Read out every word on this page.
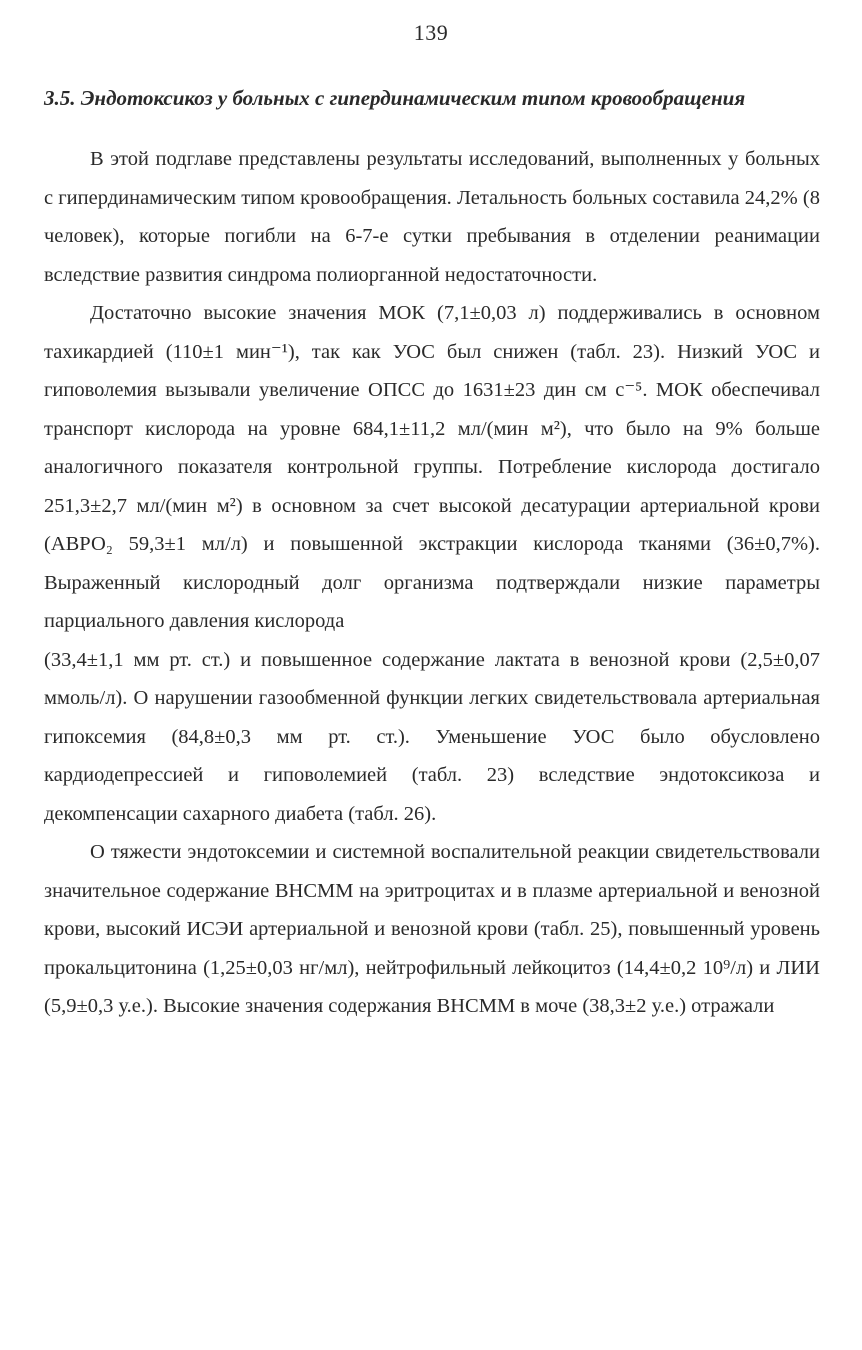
139
3.5. Эндотоксикоз у больных с гипердинамическим типом кровообращения

В этой подглаве представлены результаты исследований, выполненных у больных с гипердинамическим типом кровообращения. Летальность больных составила 24,2% (8 человек), которые погибли на 6-7-е сутки пребывания в отделении реанимации вследствие развития синдрома полиорганной недостаточности.

Достаточно высокие значения МОК (7,1±0,03 л) поддерживались в основном тахикардией (110±1 мин⁻¹), так как УОС был снижен (табл. 23). Низкий УОС и гиповолемия вызывали увеличение ОПСС до 1631±23 дин см с⁻⁵. МОК обеспечивал транспорт кислорода на уровне 684,1±11,2 мл/(мин м²), что было на 9% больше аналогичного показателя контрольной группы. Потребление кислорода достигало 251,3±2,7 мл/(мин м²) в основном за счет высокой десатурации артериальной крови (АВРО₂ 59,3±1 мл/л) и повышенной экстракции кислорода тканями (36±0,7%). Выраженный кислородный долг организма подтверждали низкие параметры парциального давления кислорода

(33,4±1,1 мм рт. ст.) и повышенное содержание лактата в венозной крови (2,5±0,07 ммоль/л). О нарушении газообменной функции легких свидетельствовала артериальная гипоксемия (84,8±0,3 мм рт. ст.). Уменьшение УОС было обусловлено кардиодепрессией и гиповолемией (табл. 23) вследствие эндотоксикоза и декомпенсации сахарного диабета (табл. 26).

О тяжести эндотоксемии и системной воспалительной реакции свидетельствовали значительное содержание ВНСММ на эритроцитах и в плазме артериальной и венозной крови, высокий ИСЭИ артериальной и венозной крови (табл. 25), повышенный уровень прокальцитонина (1,25±0,03 нг/мл), нейтрофильный лейкоцитоз (14,4±0,2 10⁹/л) и ЛИИ (5,9±0,3 у.е.). Высокие значения содержания ВНСММ в моче (38,3±2 у.е.) отражали
